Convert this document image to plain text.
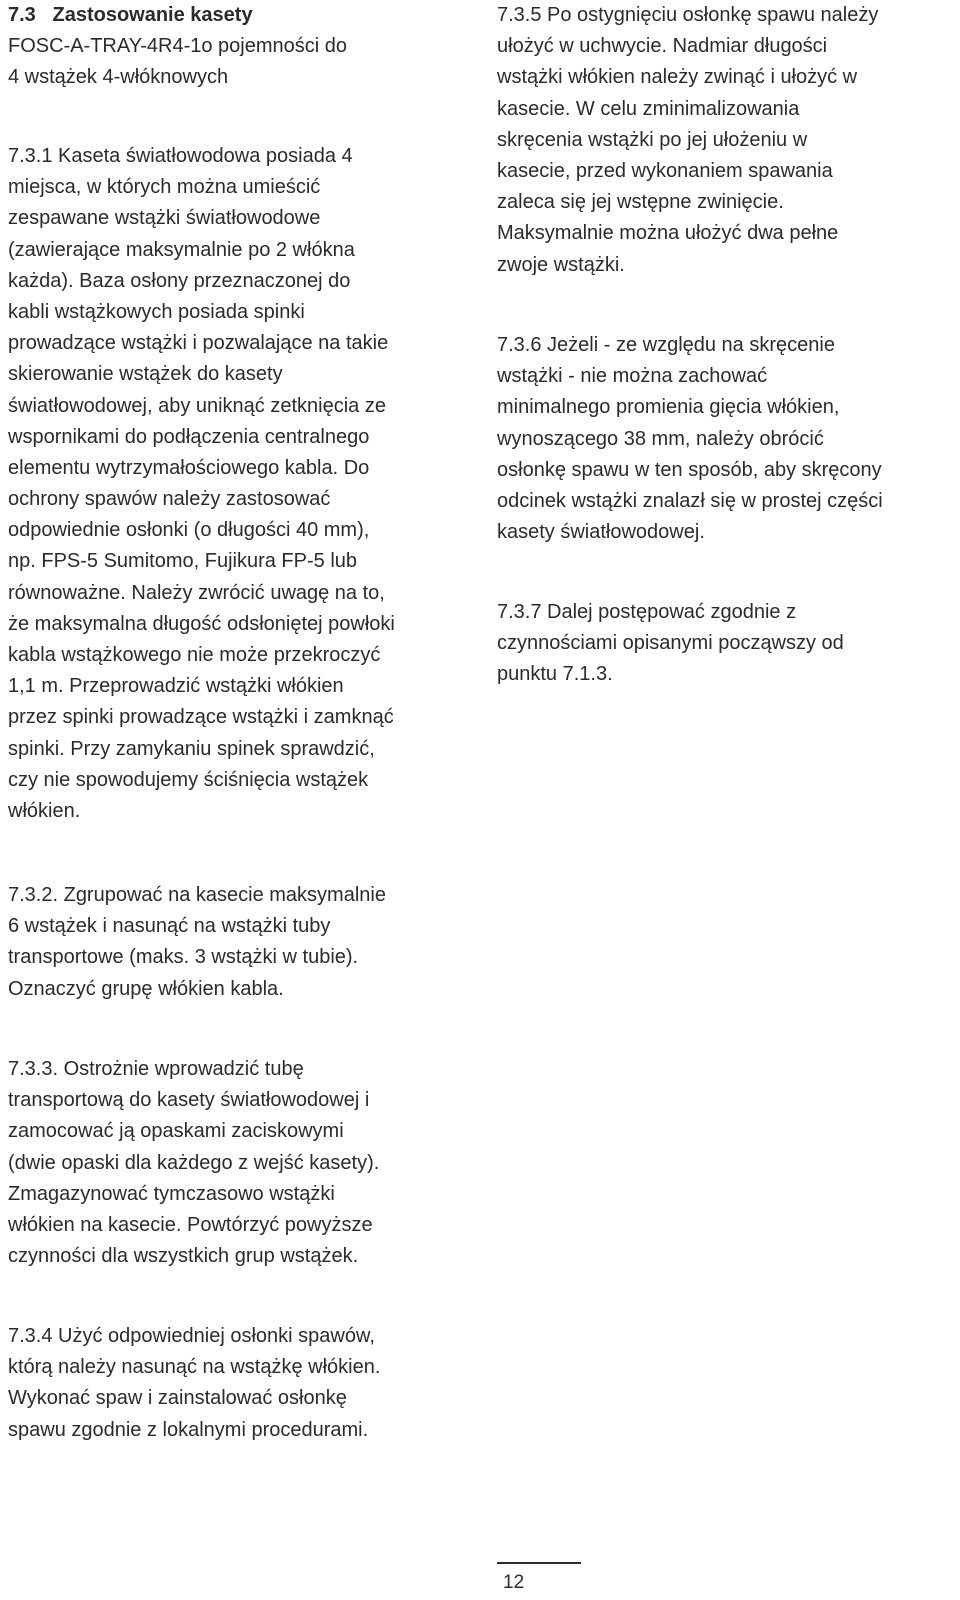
7.3 Zastosowanie kasety
FOSC-A-TRAY-4R4-1o pojemności do
4 wstążek 4-włóknowych
7.3.1 Kaseta światłowodowa posiada 4
miejsca, w których można umieścić
zespawane wstążki światłowodowe
(zawierające maksymalnie po 2 włókna
każda). Baza osłony przeznaczonej do
kabli wstążkowych posiada spinki
prowadzące wstążki i pozwalające na takie
skierowanie wstążek do kasety
światłowodowej, aby uniknąć zetknięcia ze
wspornikami do podłączenia centralnego
elementu wytrzymałościowego kabla. Do
ochrony spawów należy zastosować
odpowiednie osłonki (o długości 40 mm),
np. FPS-5 Sumitomo, Fujikura FP-5 lub
równoważne. Należy zwrócić uwagę na to,
że maksymalna długość odsłoniętej powłoki
kabla wstążkowego nie może przekroczyć
1,1 m. Przeprowadzić wstążki włókien
przez spinki prowadzące wstążki i zamknąć
spinki. Przy zamykaniu spinek sprawdzić,
czy nie spowodujemy ściśnięcia wstążek
włókien.
7.3.2. Zgrupować na kasecie maksymalnie
6 wstążek i nasunąć na wstążki tuby
transportowe (maks. 3 wstążki w tubie).
Oznaczyć grupę włókien kabla.
7.3.3. Ostrożnie wprowadzić tubę
transportową do kasety światłowodowej i
zamocować ją opaskami zaciskowymi
(dwie opaski dla każdego z wejść kasety).
Zmagazynować tymczasowo wstążki
włókien na kasecie. Powtórzyć powyższe
czynności dla wszystkich grup wstążek.
7.3.4 Użyć odpowiedniej osłonki spawów,
którą należy nasunąć na wstążkę włókien.
Wykonać spaw i zainstalować osłonkę
spawu zgodnie z lokalnymi procedurami.
7.3.5 Po ostygnięciu osłonkę spawu należy
ułożyć w uchwycie. Nadmiar długości
wstążki włókien należy zwinąć i ułożyć w
kasecie. W celu zminimalizowania
skręcenia wstążki po jej ułożeniu w
kasecie, przed wykonaniem spawania
zaleca się jej wstępne zwinięcie.
Maksymalnie można ułożyć dwa pełne
zwoje wstążki.
7.3.6 Jeżeli - ze względu na skręcenie
wstążki - nie można zachować
minimalnego promienia gięcia włókien,
wynoszącego 38 mm, należy obrócić
osłonkę spawu w ten sposób, aby skręcony
odcinek wstążki znalazł się w prostej części
kasety światłowodowej.
7.3.7 Dalej postępować zgodnie z
czynnościami opisanymi począwszy od
punktu 7.1.3.
12
